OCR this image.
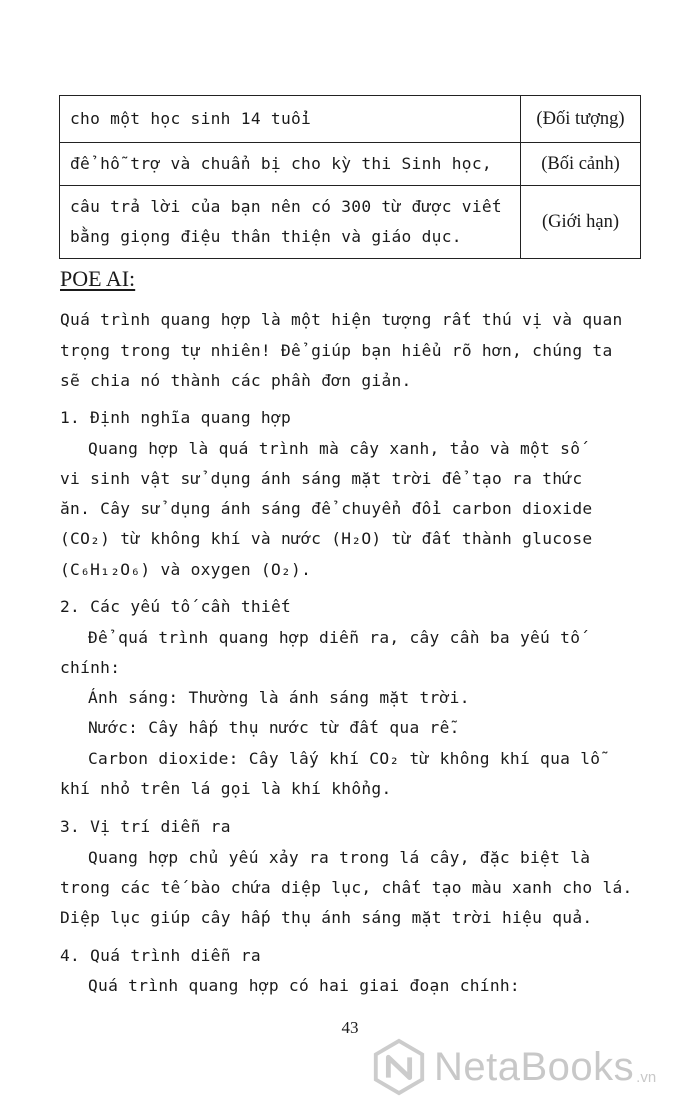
cho một học sinh 14 tuổi	(Đối tượng)
để hỗ trợ và chuẩn bị cho kỳ thi Sinh học,	(Bối cảnh)

câu trả lời của bạn nên có 300 từ được viết
bằng giọng điệu thân thiện và giáo dục.	(Giới hạn)
POE AI:
Quá trình quang hợp là một hiện tượng rất thú vị và quan
trọng trong tự nhiên! Để giúp bạn hiểu rõ hơn, chúng ta
sẽ chia nó thành các phần đơn giản.
1. Định nghĩa quang hợp
Quang hợp là quá trình mà cây xanh, tảo và một số
vi sinh vật sử dụng ánh sáng mặt trời để tạo ra thức
ăn. Cây sử dụng ánh sáng để chuyển đổi carbon dioxide
(CO₂) từ không khí và nước (H₂O) từ đất thành glucose
(C₆H₁₂O₆) và oxygen (O₂).
2. Các yếu tố cần thiết
Để quá trình quang hợp diễn ra, cây cần ba yếu tố
chính:
Ánh sáng: Thường là ánh sáng mặt trời.
Nước: Cây hấp thụ nước từ đất qua rễ.
Carbon dioxide: Cây lấy khí CO₂ từ không khí qua lỗ
khí nhỏ trên lá gọi là khí khổng.
3. Vị trí diễn ra
Quang hợp chủ yếu xảy ra trong lá cây, đặc biệt là
trong các tế bào chứa diệp lục, chất tạo màu xanh cho lá.
Diệp lục giúp cây hấp thụ ánh sáng mặt trời hiệu quả.
4. Quá trình diễn ra
Quá trình quang hợp có hai giai đoạn chính:
43
NetaBooks .vn
